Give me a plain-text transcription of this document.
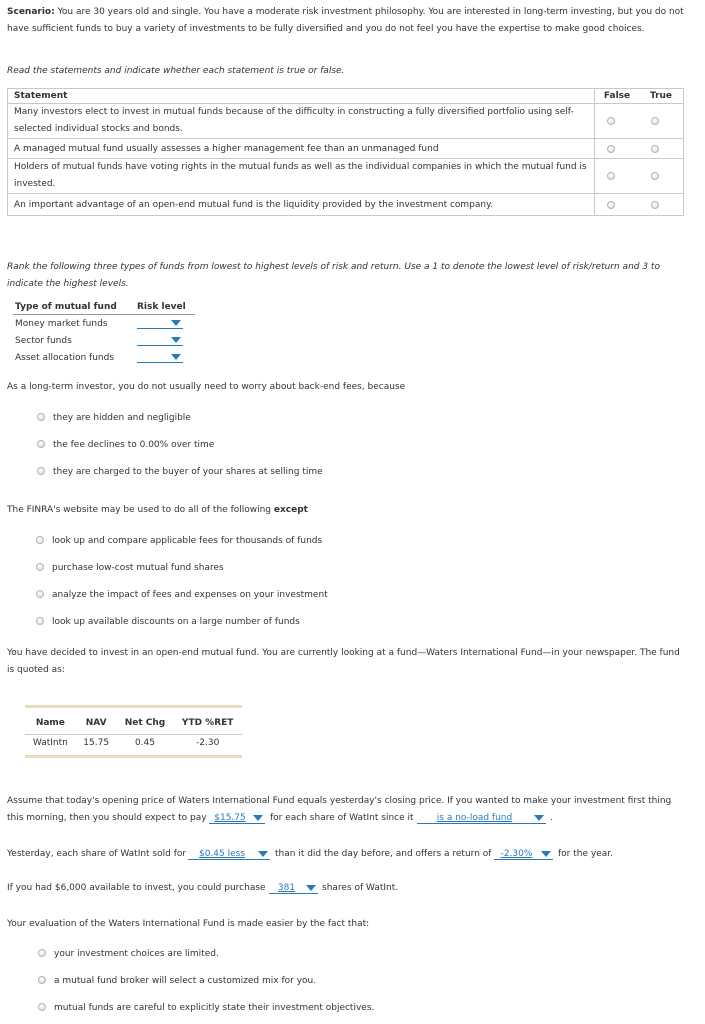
Scenario: You are 30 years old and single. You have a moderate risk investment philosophy. You are interested in long-term investing, but you do not have sufficient funds to buy a variety of investments to be fully diversified and you do not feel you have the expertise to make good choices.
Read the statements and indicate whether each statement is true or false.
Statement	False	True
Many investors elect to invest in mutual funds because of the difficulty in constructing a fully diversified portfolio using self-
selected individual stocks and bonds.	

A managed mutual fund usually assesses a higher management fee than an unmanaged fund	

Holders of mutual funds have voting rights in the mutual funds as well as the individual companies in which the mutual fund is
invested.	

An important advantage of an open-end mutual fund is the liquidity provided by the investment company.	

Rank the following three types of funds from lowest to highest levels of risk and return. Use a 1 to denote the lowest level of risk/return and 3 to
indicate the highest levels.
Type of mutual fund	Risk level
Money market funds	

Sector funds	

Asset allocation funds	
As a long-term investor, you do not usually need to worry about back-end fees, because
they are hidden and negligible
the fee declines to 0.00% over time
they are charged to the buyer of your shares at selling time
The FINRA's website may be used to do all of the following except
look up and compare applicable fees for thousands of funds
purchase low-cost mutual fund shares
analyze the impact of fees and expenses on your investment
look up available discounts on a large number of funds
You have decided to invest in an open-end mutual fund. You are currently looking at a fund—Waters International Fund—in your newspaper. The fund
is quoted as:
Name	NAV	Net Chg	YTD %RET
WatIntn	15.75	0.45	-2.30
Assume that today's opening price of Waters International Fund equals yesterday's closing price. If you wanted to make your investment first thing
this morning, then you should expect to pay $15.75	for each share of WatInt since it	is a no-load fund	.
Yesterday, each share of WatInt sold for	$0.45 less	than it did the day before, and offers a return of	-2.30%	for the year.
If you had $6,000 available to invest, you could purchase	381	shares of WatInt.
Your evaluation of the Waters International Fund is made easier by the fact that:
your investment choices are limited.
a mutual fund broker will select a customized mix for you.
mutual funds are careful to explicitly state their investment objectives.
